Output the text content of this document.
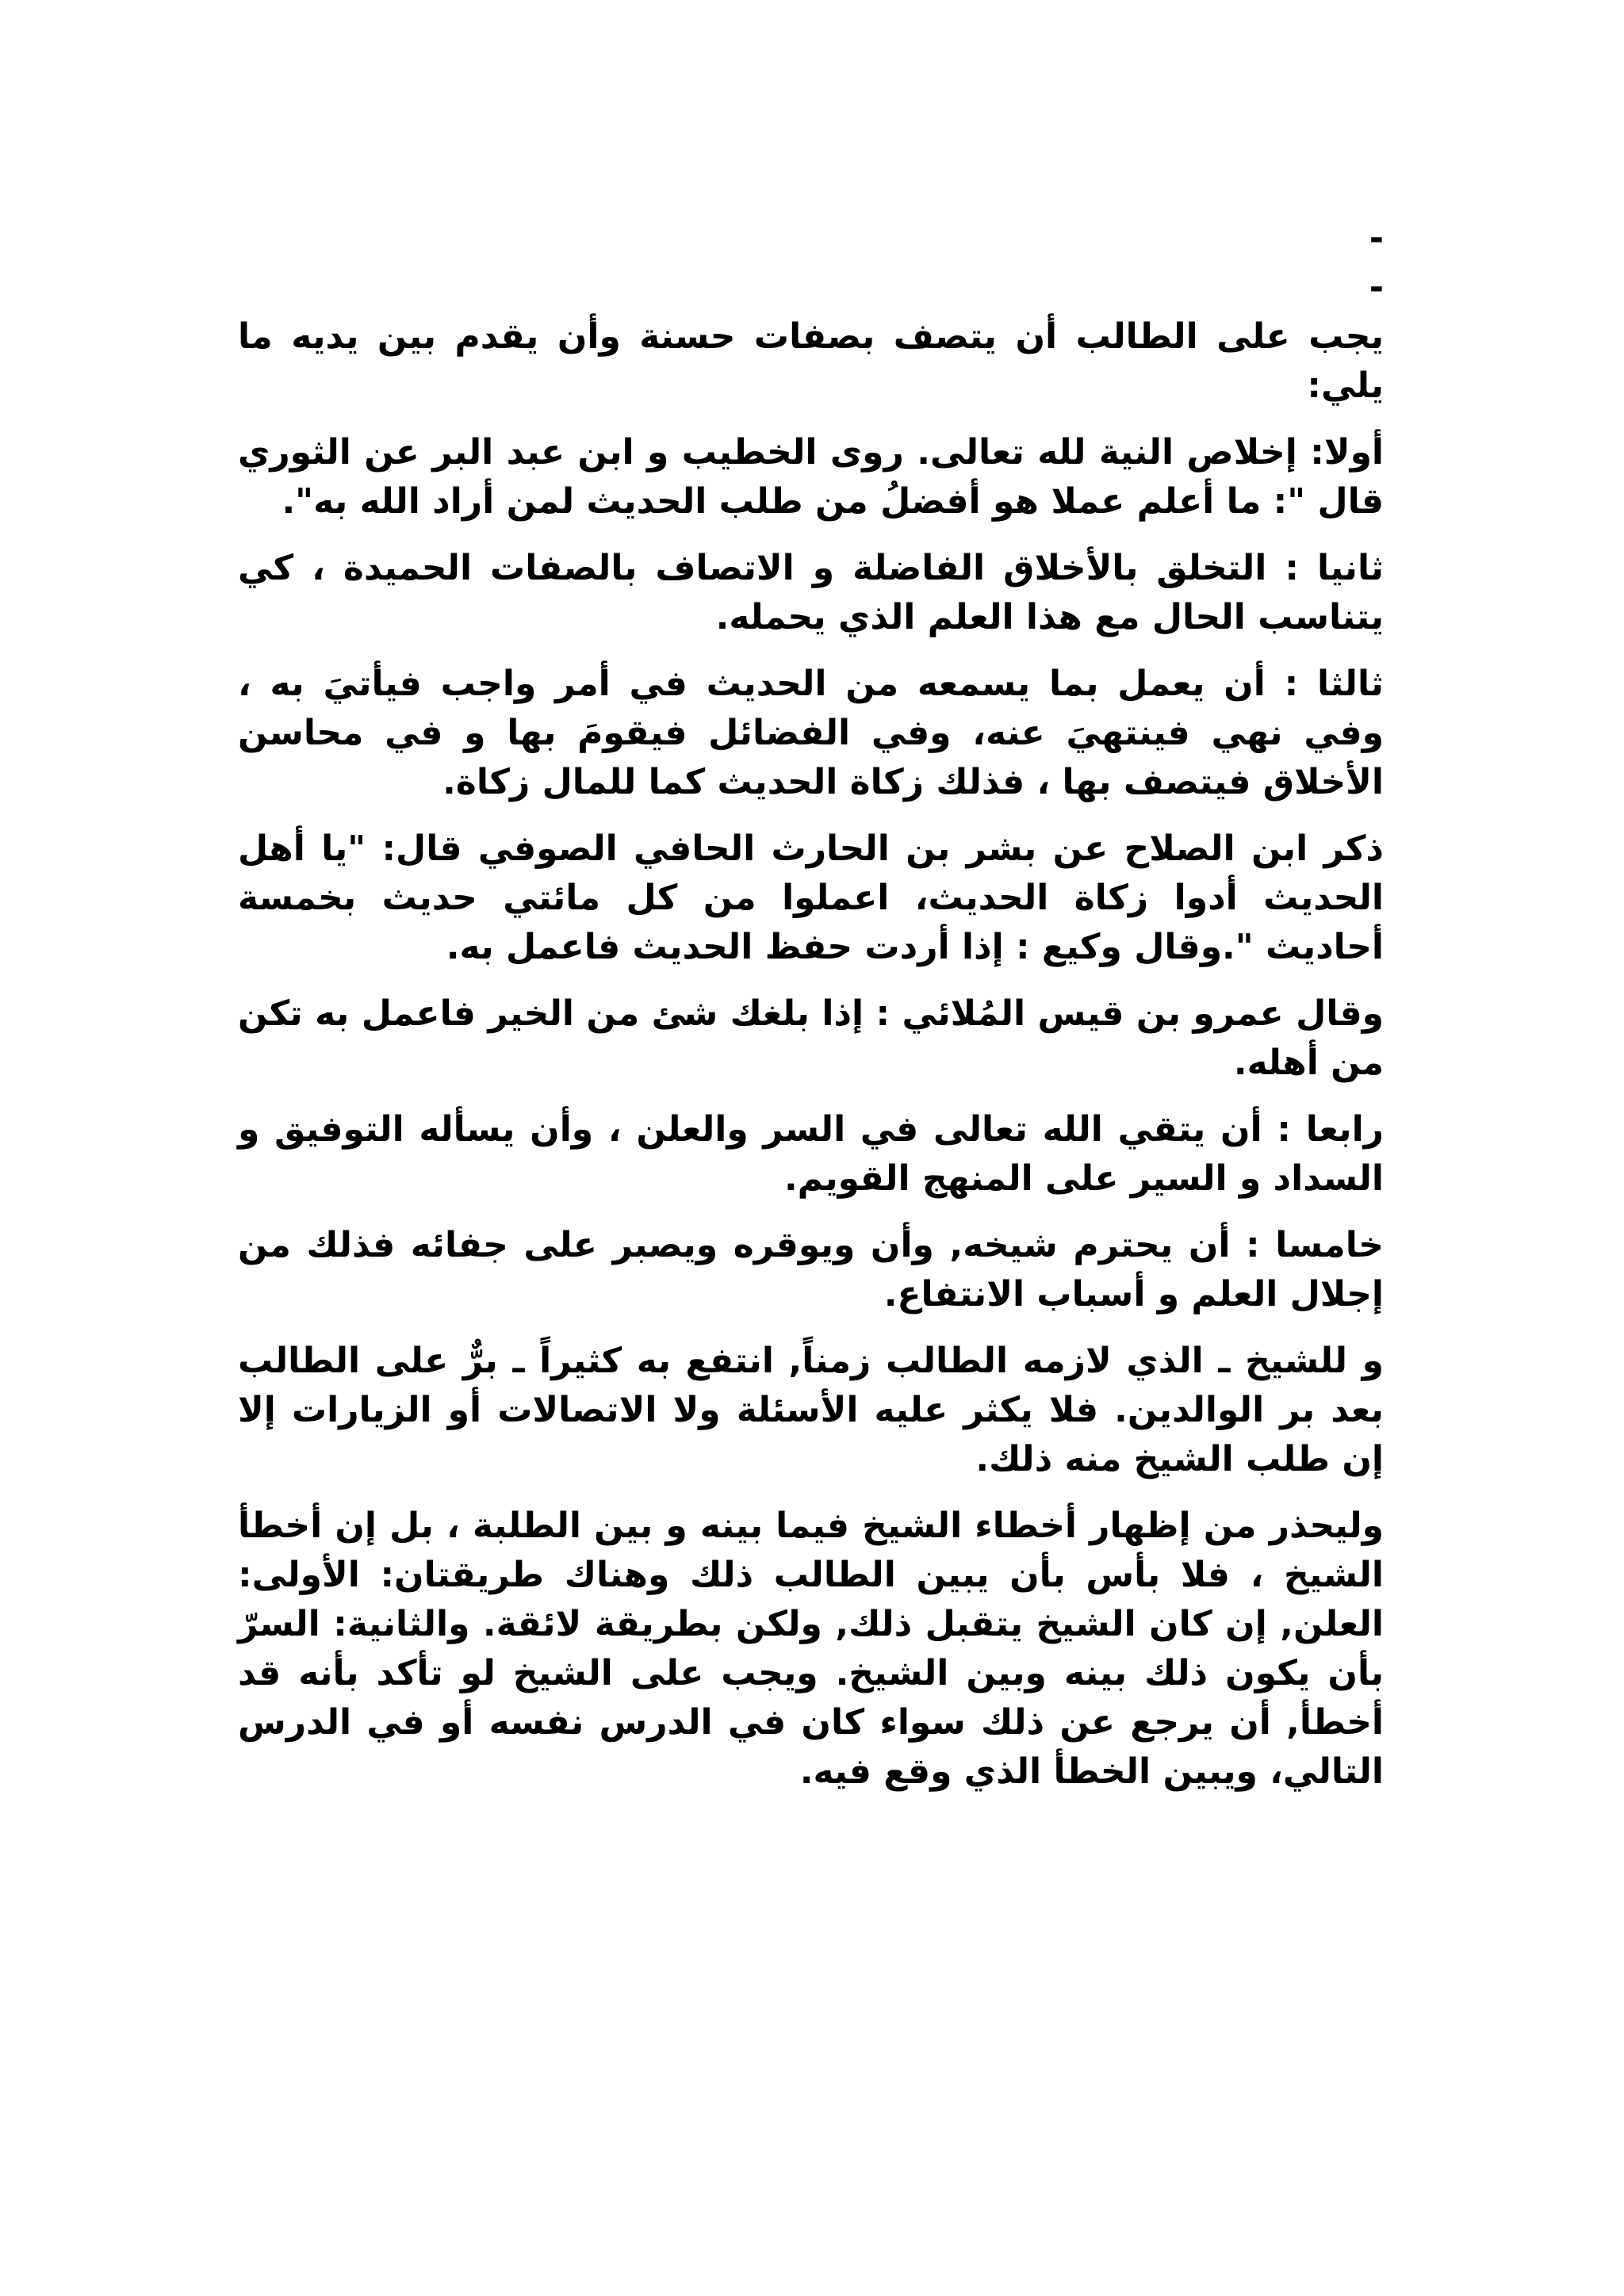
-

-

يجب على الطالب أن يتصف بصفات حسنة وأن يقدم بين يديه ما يلي:

أولا: إخلاص النية لله تعالى. روى الخطيب و ابن عبد البر عن الثوري قال ": ما أعلم عملا هو أفضلُ من طلب الحديث لمن أراد الله به".

ثانيا : التخلق بالأخلاق الفاضلة و الاتصاف بالصفات الحميدة ، كي يتناسب الحال مع هذا العلم الذي يحمله.

ثالثا : أن يعمل بما يسمعه من الحديث في أمر واجب فيأتيَ به ، وفي نهي فينتهيَ عنه، وفي الفضائل فيقومَ بها و في محاسن الأخلاق فيتصف بها ، فذلك زكاة الحديث كما للمال زكاة.

ذكر ابن الصلاح عن بشر بن الحارث الحافي الصوفي قال: "يا أهل الحديث أدوا زكاة الحديث، اعملوا من كل مائتي حديث بخمسة أحاديث ".وقال وكيع : إذا أردت حفظ الحديث فاعمل به.

وقال عمرو بن قيس المُلائي : إذا بلغك شئ من الخير فاعمل به تكن من أهله.

رابعا : أن يتقي الله تعالى في السر والعلن ، وأن يسأله التوفيق و السداد و السير على المنهج القويم.

خامسا : أن يحترم شيخه, وأن ويوقره ويصبر على جفائه فذلك من إجلال العلم و أسباب الانتفاع.

و للشيخ ـ الذي لازمه الطالب زمناً, انتفع به كثيراً ـ برٌّ على الطالب بعد بر الوالدين. فلا يكثر عليه الأسئلة ولا الاتصالات أو الزيارات إلا إن طلب الشيخ منه ذلك.

وليحذر من إظهار أخطاء الشيخ فيما بينه و بين الطلبة ، بل إن أخطأ الشيخ ، فلا بأس بأن يبين الطالب ذلك وهناك طريقتان: الأولى: العلن, إن كان الشيخ يتقبل ذلك, ولكن بطريقة لائقة. والثانية: السرّ بأن يكون ذلك بينه وبين الشيخ. ويجب على الشيخ لو تأكد بأنه قد أخطأ, أن يرجع عن ذلك سواء كان في الدرس نفسه أو في الدرس التالي، ويبين الخطأ الذي وقع فيه.
